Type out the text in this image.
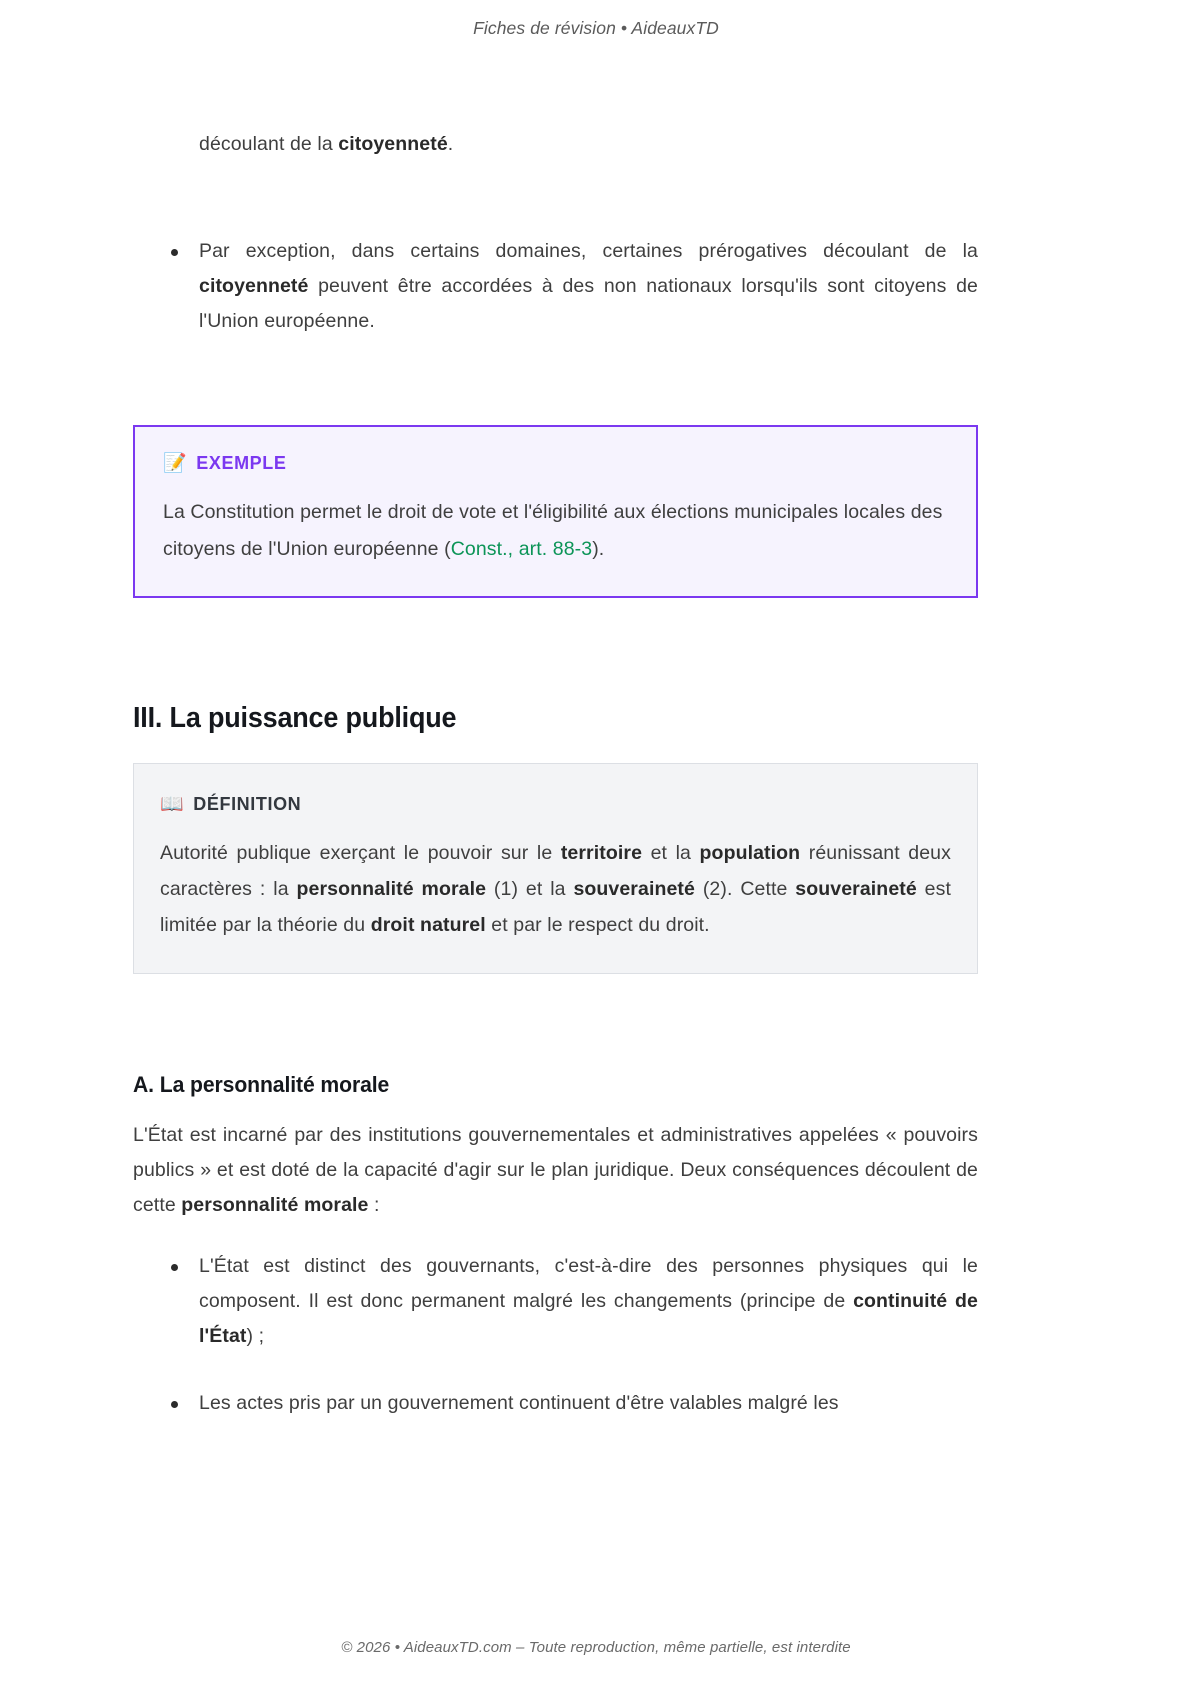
Fiches de révision • AideauxTD

découlant de la citoyenneté.

Par exception, dans certains domaines, certaines prérogatives découlant de la citoyenneté peuvent être accordées à des non nationaux lorsqu'ils sont citoyens de l'Union européenne.
📝 EXEMPLE
La Constitution permet le droit de vote et l'éligibilité aux élections municipales locales des citoyens de l'Union européenne (Const., art. 88-3).
III. La puissance publique
📖 DÉFINITION
Autorité publique exerçant le pouvoir sur le territoire et la population réunissant deux caractères : la personnalité morale (1) et la souveraineté (2). Cette souveraineté est limitée par la théorie du droit naturel et par le respect du droit.
A. La personnalité morale

L'État est incarné par des institutions gouvernementales et administratives appelées « pouvoirs publics » et est doté de la capacité d'agir sur le plan juridique. Deux conséquences découlent de cette personnalité morale :

L'État est distinct des gouvernants, c'est-à-dire des personnes physiques qui le composent. Il est donc permanent malgré les changements (principe de continuité de l'État) ;
Les actes pris par un gouvernement continuent d'être valables malgré les
© 2026 • AideauxTD.com – Toute reproduction, même partielle, est interdite
